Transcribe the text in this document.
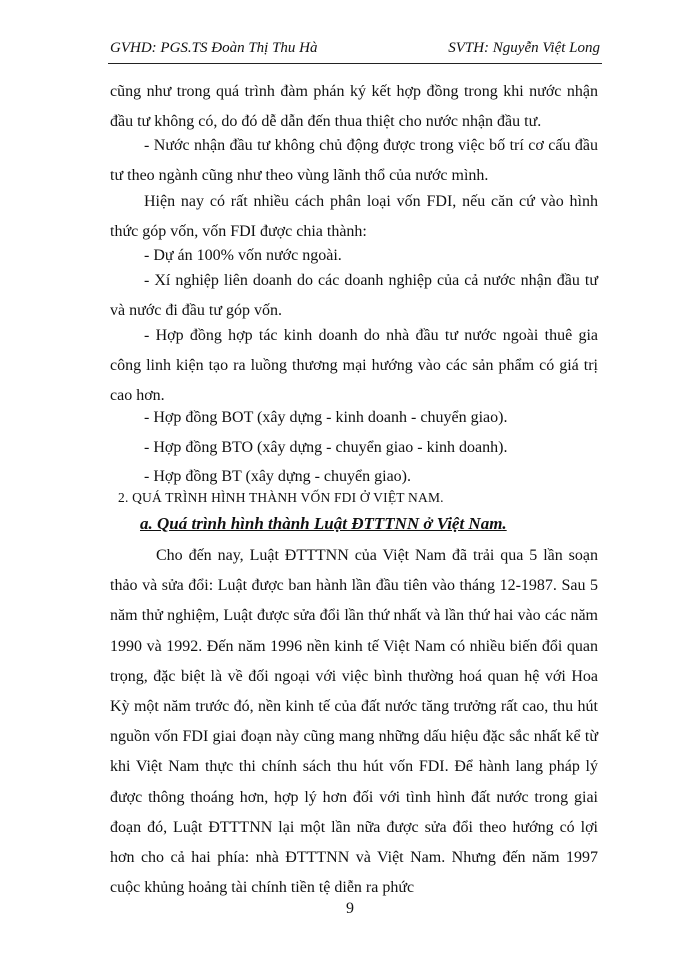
GVHD: PGS.TS Đoàn Thị Thu Hà	SVTH: Nguyễn Việt Long

cũng như trong quá trình đàm phán ký kết hợp đồng trong khi nước nhận đầu tư không có, do đó dễ dẫn đến thua thiệt cho nước nhận đầu tư.

- Nước nhận đầu tư không chủ động được trong việc bố trí cơ cấu đầu tư theo ngành cũng như theo vùng lãnh thổ của nước mình.

Hiện nay có rất nhiều cách phân loại vốn FDI, nếu căn cứ vào hình thức góp vốn, vốn FDI được chia thành:

- Dự án 100% vốn nước ngoài.

- Xí nghiệp liên doanh do các doanh nghiệp của cả nước nhận đầu tư và nước đi đầu tư góp vốn.

- Hợp đồng hợp tác kinh doanh do nhà đầu tư nước ngoài thuê gia công linh kiện tạo ra luồng thương mại hướng vào các sản phẩm có giá trị cao hơn.

- Hợp đồng BOT (xây dựng - kinh doanh - chuyển giao).

- Hợp đồng BTO (xây dựng - chuyển giao - kinh doanh).

- Hợp đồng BT (xây dựng - chuyển giao).

2. QUÁ TRÌNH HÌNH THÀNH VỐN FDI Ở VIỆT NAM.
a. Quá trình hình thành Luật ĐTTTNN ở Việt Nam.

Cho đến nay, Luật ĐTTTNN của Việt Nam đã trải qua 5 lần soạn thảo và sửa đổi: Luật được ban hành lần đầu tiên vào tháng 12-1987. Sau 5 năm thử nghiệm, Luật được sửa đổi lần thứ nhất và lần thứ hai vào các năm 1990 và 1992. Đến năm 1996 nền kinh tế Việt Nam có nhiều biến đổi quan trọng, đặc biệt là về đối ngoại với việc bình thường hoá quan hệ với Hoa Kỳ một năm trước đó, nền kinh tế của đất nước tăng trưởng rất cao, thu hút nguồn vốn FDI giai đoạn này cũng mang những dấu hiệu đặc sắc nhất kể từ khi Việt Nam thực thi chính sách thu hút vốn FDI. Để hành lang pháp lý được thông thoáng hơn, hợp lý hơn đối với tình hình đất nước trong giai đoạn đó, Luật ĐTTTNN lại một lần nữa được sửa đổi theo hướng có lợi hơn cho cả hai phía: nhà ĐTTTNN và Việt Nam. Nhưng đến năm 1997 cuộc khủng hoảng tài chính tiền tệ diễn ra phức

9
